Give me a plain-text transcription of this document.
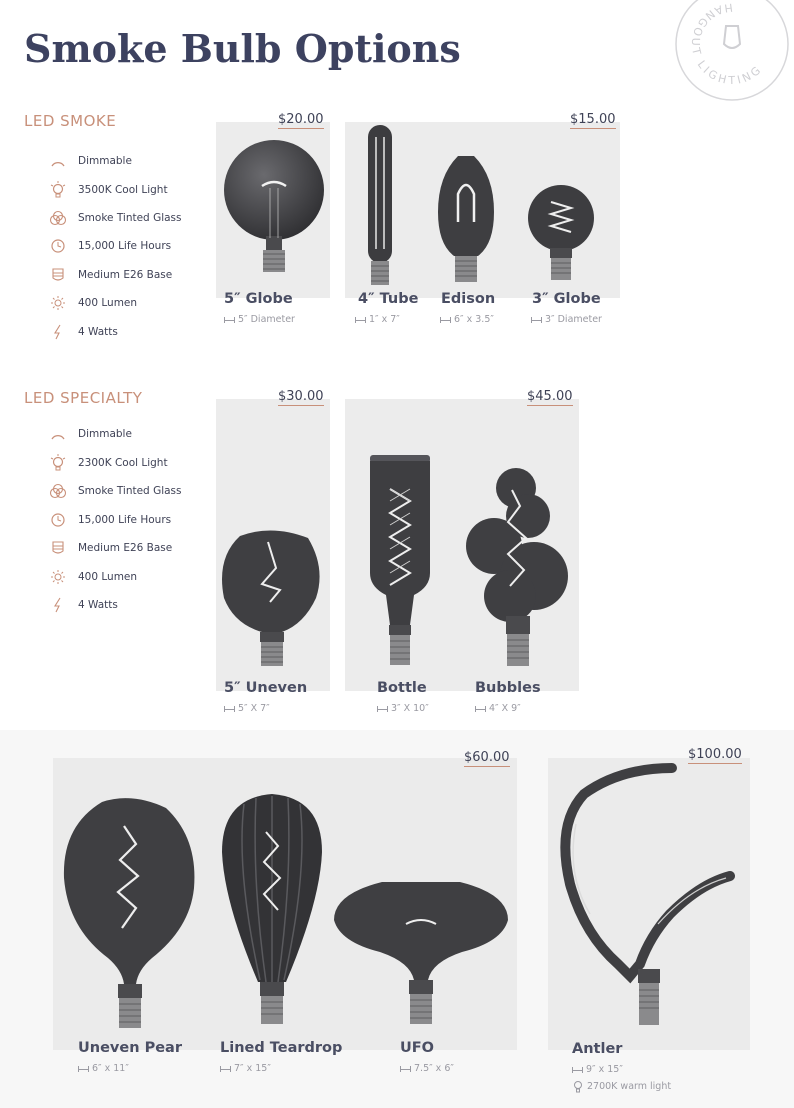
Smoke Bulb Options
HANGOUT LIGHTING
LED SMOKE
Dimmable
3500K Cool Light
Smoke Tinted Glass
15,000 Life Hours
Medium E26 Base
400 Lumen
4 Watts
$20.00	$15.00
5″ Globe
5″ Diameter
4″ Tube
1″ x 7″
Edison
6″ x 3.5″
3″ Globe
3″ Diameter
LED SPECIALTY
Dimmable
2300K Cool Light
Smoke Tinted Glass
15,000 Life Hours
Medium E26 Base
400 Lumen
4 Watts
$30.00	$45.00
5″ Uneven
5″ X 7″
Bottle
3″ X 10″
Bubbles
4″ X 9″
$60.00	$100.00
Uneven Pear
6″ x 11″
Lined Teardrop
7″ x 15″
UFO
7.5″ x 6″
Antler
9″ x 15″
2700K warm light
